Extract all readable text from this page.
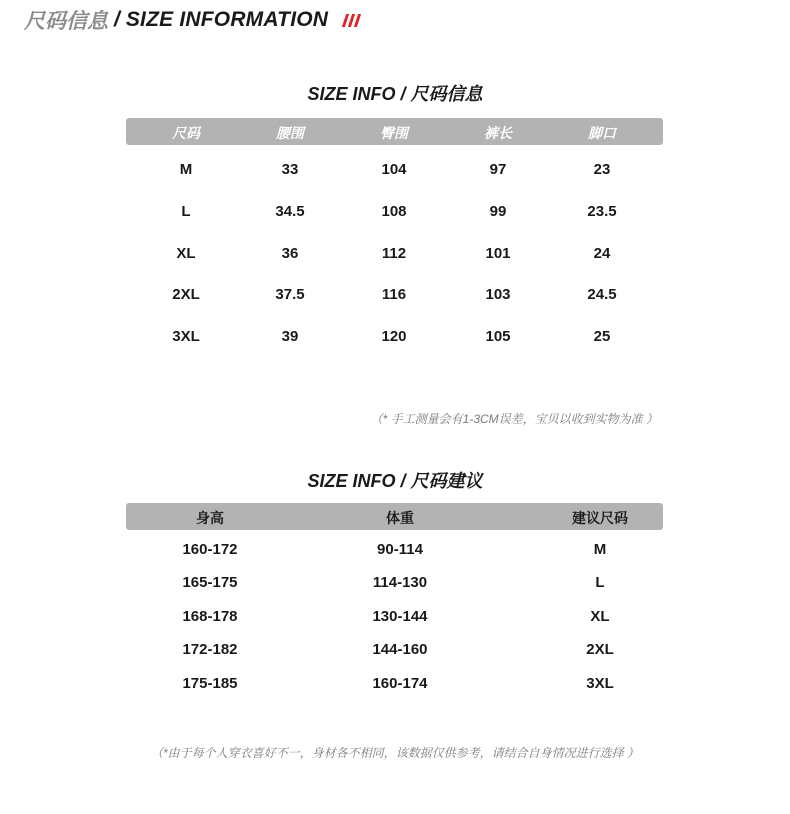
尺码信息 / SIZE INFORMATION
SIZE INFO / 尺码信息
尺码	腰围	臀围	裤长	脚口
M	33	104	97	23
L	34.5	108	99	23.5
XL	36	112	101	24
2XL	37.5	116	103	24.5
3XL	39	120	105	25
（* 手工测量会有1-3CM误差，宝贝以收到实物为准 ）
SIZE INFO / 尺码建议
身高	体重	建议尺码
160-172	90-114	M
165-175	114-130	L
168-178	130-144	XL
172-182	144-160	2XL
175-185	160-174	3XL
（*由于每个人穿衣喜好不一，身材各不相同，该数据仅供参考，请结合自身情况进行选择 ）
